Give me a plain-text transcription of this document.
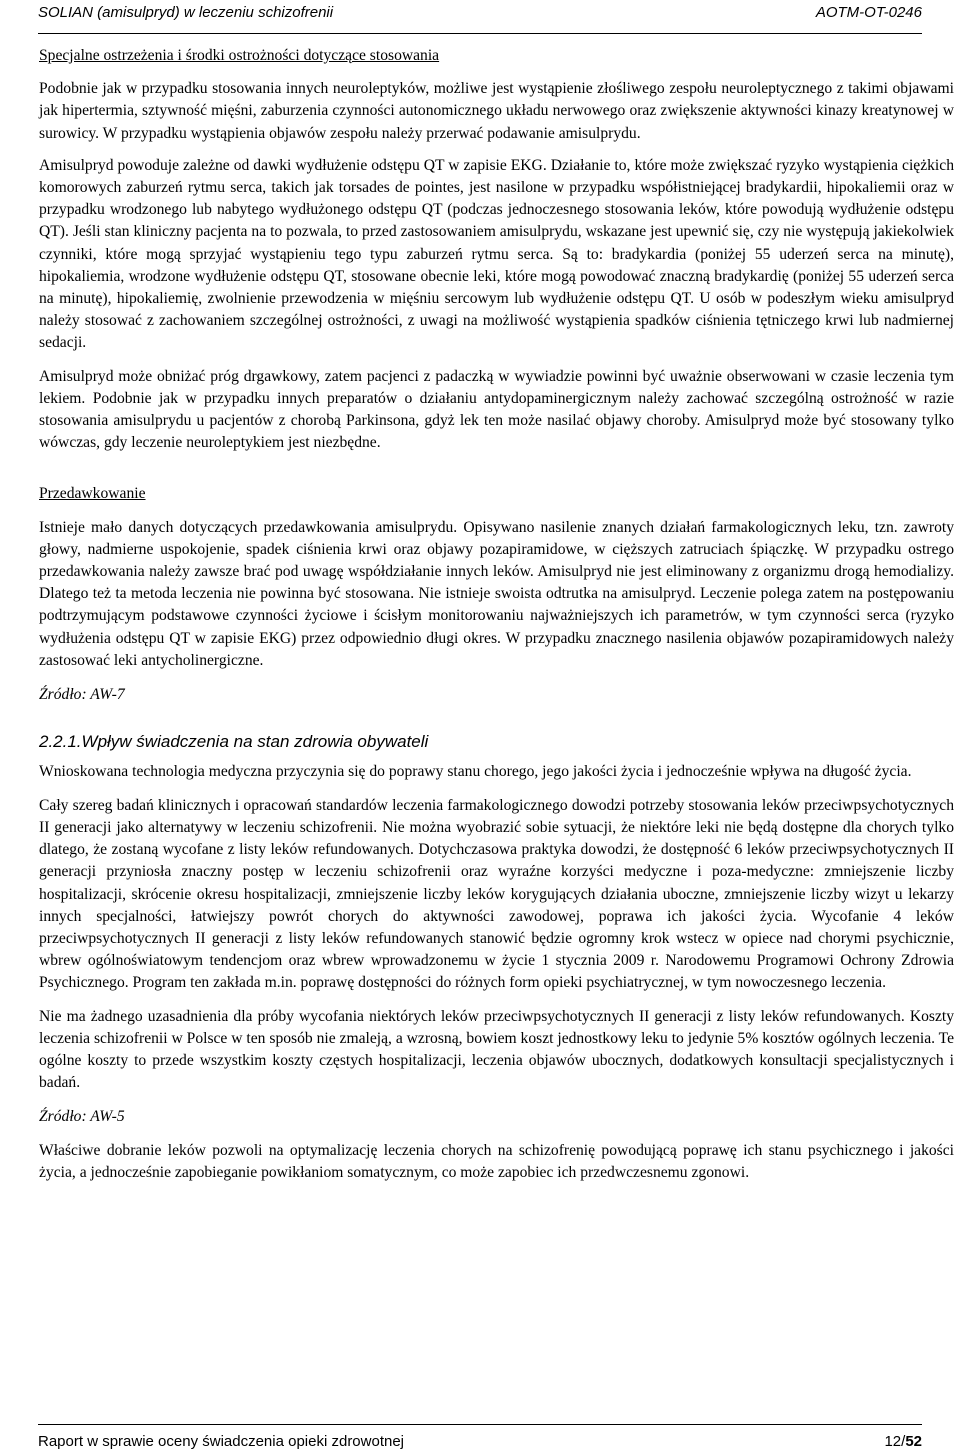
SOLIAN (amisulpryd) w leczeniu schizofrenii	AOTM-OT-0246

Specjalne ostrzeżenia i środki ostrożności dotyczące stosowania

Podobnie jak w przypadku stosowania innych neuroleptyków, możliwe jest wystąpienie złośliwego zespołu neuroleptycznego z takimi objawami jak hipertermia, sztywność mięśni, zaburzenia czynności autonomicznego układu nerwowego oraz zwiększenie aktywności kinazy kreatynowej w surowicy. W przypadku wystąpienia objawów zespołu należy przerwać podawanie amisulprydu.

Amisulpryd powoduje zależne od dawki wydłużenie odstępu QT w zapisie EKG. Działanie to, które może zwiększać ryzyko wystąpienia ciężkich komorowych zaburzeń rytmu serca, takich jak torsades de pointes, jest nasilone w przypadku współistniejącej bradykardii, hipokaliemii oraz w przypadku wrodzonego lub nabytego wydłużonego odstępu QT (podczas jednoczesnego stosowania leków, które powodują wydłużenie odstępu QT). Jeśli stan kliniczny pacjenta na to pozwala, to przed zastosowaniem amisulprydu, wskazane jest upewnić się, czy nie występują jakiekolwiek czynniki, które mogą sprzyjać wystąpieniu tego typu zaburzeń rytmu serca. Są to: bradykardia (poniżej 55 uderzeń serca na minutę), hipokaliemia, wrodzone wydłużenie odstępu QT, stosowane obecnie leki, które mogą powodować znaczną bradykardię (poniżej 55 uderzeń serca na minutę), hipokaliemię, zwolnienie przewodzenia w mięśniu sercowym lub wydłużenie odstępu QT. U osób w podeszłym wieku amisulpryd należy stosować z zachowaniem szczególnej ostrożności, z uwagi na możliwość wystąpienia spadków ciśnienia tętniczego krwi lub nadmiernej sedacji.

Amisulpryd może obniżać próg drgawkowy, zatem pacjenci z padaczką w wywiadzie powinni być uważnie obserwowani w czasie leczenia tym lekiem. Podobnie jak w przypadku innych preparatów o działaniu antydopaminergicznym należy zachować szczególną ostrożność w razie stosowania amisulprydu u pacjentów z chorobą Parkinsona, gdyż lek ten może nasilać objawy choroby. Amisulpryd może być stosowany tylko wówczas, gdy leczenie neuroleptykiem jest niezbędne.

Przedawkowanie

Istnieje mało danych dotyczących przedawkowania amisulprydu. Opisywano nasilenie znanych działań farmakologicznych leku, tzn. zawroty głowy, nadmierne uspokojenie, spadek ciśnienia krwi oraz objawy pozapiramidowe, w cięższych zatruciach śpiączkę. W przypadku ostrego przedawkowania należy zawsze brać pod uwagę współdziałanie innych leków. Amisulpryd nie jest eliminowany z organizmu drogą hemodializy. Dlatego też ta metoda leczenia nie powinna być stosowana. Nie istnieje swoista odtrutka na amisulpryd. Leczenie polega zatem na postępowaniu podtrzymującym podstawowe czynności życiowe i ścisłym monitorowaniu najważniejszych ich parametrów, w tym czynności serca (ryzyko wydłużenia odstępu QT w zapisie EKG) przez odpowiednio długi okres. W przypadku znacznego nasilenia objawów pozapiramidowych należy zastosować leki antycholinergiczne.

Źródło: AW-7

2.2.1.Wpływ świadczenia na stan zdrowia obywateli

Wnioskowana technologia medyczna przyczynia się do poprawy stanu chorego, jego jakości życia i jednocześnie wpływa na długość życia.

Cały szereg badań klinicznych i opracowań standardów leczenia farmakologicznego dowodzi potrzeby stosowania leków przeciwpsychotycznych II generacji jako alternatywy w leczeniu schizofrenii. Nie można wyobrazić sobie sytuacji, że niektóre leki nie będą dostępne dla chorych tylko dlatego, że zostaną wycofane z listy leków refundowanych. Dotychczasowa praktyka dowodzi, że dostępność 6 leków przeciwpsychotycznych II generacji przyniosła znaczny postęp w leczeniu schizofrenii oraz wyraźne korzyści medyczne i poza-medyczne: zmniejszenie liczby hospitalizacji, skrócenie okresu hospitalizacji, zmniejszenie liczby leków korygujących działania uboczne, zmniejszenie liczby wizyt u lekarzy innych specjalności, łatwiejszy powrót chorych do aktywności zawodowej, poprawa ich jakości życia. Wycofanie 4 leków przeciwpsychotycznych II generacji z listy leków refundowanych stanowić będzie ogromny krok wstecz w opiece nad chorymi psychicznie, wbrew ogólnoświatowym tendencjom oraz wbrew wprowadzonemu w życie 1 stycznia 2009 r. Narodowemu Programowi Ochrony Zdrowia Psychicznego. Program ten zakłada m.in. poprawę dostępności do różnych form opieki psychiatrycznej, w tym nowoczesnego leczenia.

Nie ma żadnego uzasadnienia dla próby wycofania niektórych leków przeciwpsychotycznych II generacji z listy leków refundowanych. Koszty leczenia schizofrenii w Polsce w ten sposób nie zmaleją, a wzrosną, bowiem koszt jednostkowy leku to jedynie 5% kosztów ogólnych leczenia. Te ogólne koszty to przede wszystkim koszty częstych hospitalizacji, leczenia objawów ubocznych, dodatkowych konsultacji specjalistycznych i badań.

Źródło: AW-5

Właściwe dobranie leków pozwoli na optymalizację leczenia chorych na schizofrenię powodującą poprawę ich stanu psychicznego i jakości życia, a jednocześnie zapobieganie powikłaniom somatycznym, co może zapobiec ich przedwczesnemu zgonowi.

Raport w sprawie oceny świadczenia opieki zdrowotnej	12/52
